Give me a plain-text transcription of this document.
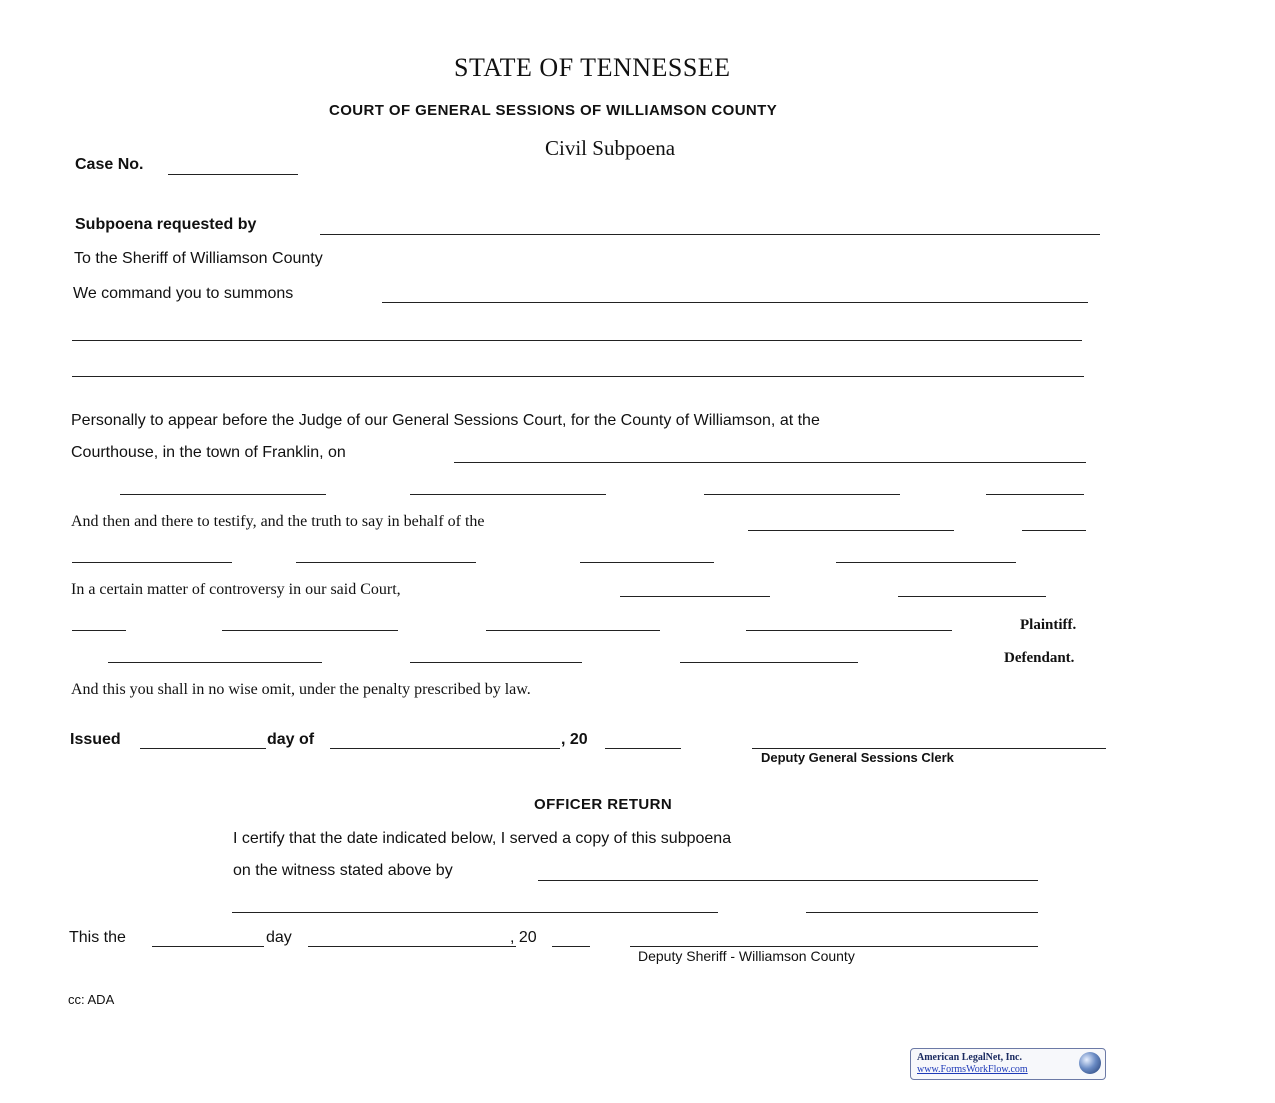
STATE OF TENNESSEE
COURT OF GENERAL SESSIONS OF WILLIAMSON COUNTY
Civil Subpoena
Case No.
Subpoena requested by
To the Sheriff of Williamson County
We command you to summons
Personally to appear before the Judge of our General Sessions Court, for the County of Williamson, at the
Courthouse, in the town of Franklin, on
And then and there to testify, and the truth to say in behalf of the
In a certain matter of controversy in our said Court,
Plaintiff.
Defendant.
And this you shall in no wise omit, under the penalty prescribed by law.
Issued	day of	, 20
Deputy General Sessions Clerk
OFFICER RETURN
I certify that the date indicated below, I served a copy of this subpoena
on the witness stated above by
This the	day	, 20
Deputy Sheriff - Williamson County
cc: ADA
American LegalNet, Inc.
www.FormsWorkFlow.com
